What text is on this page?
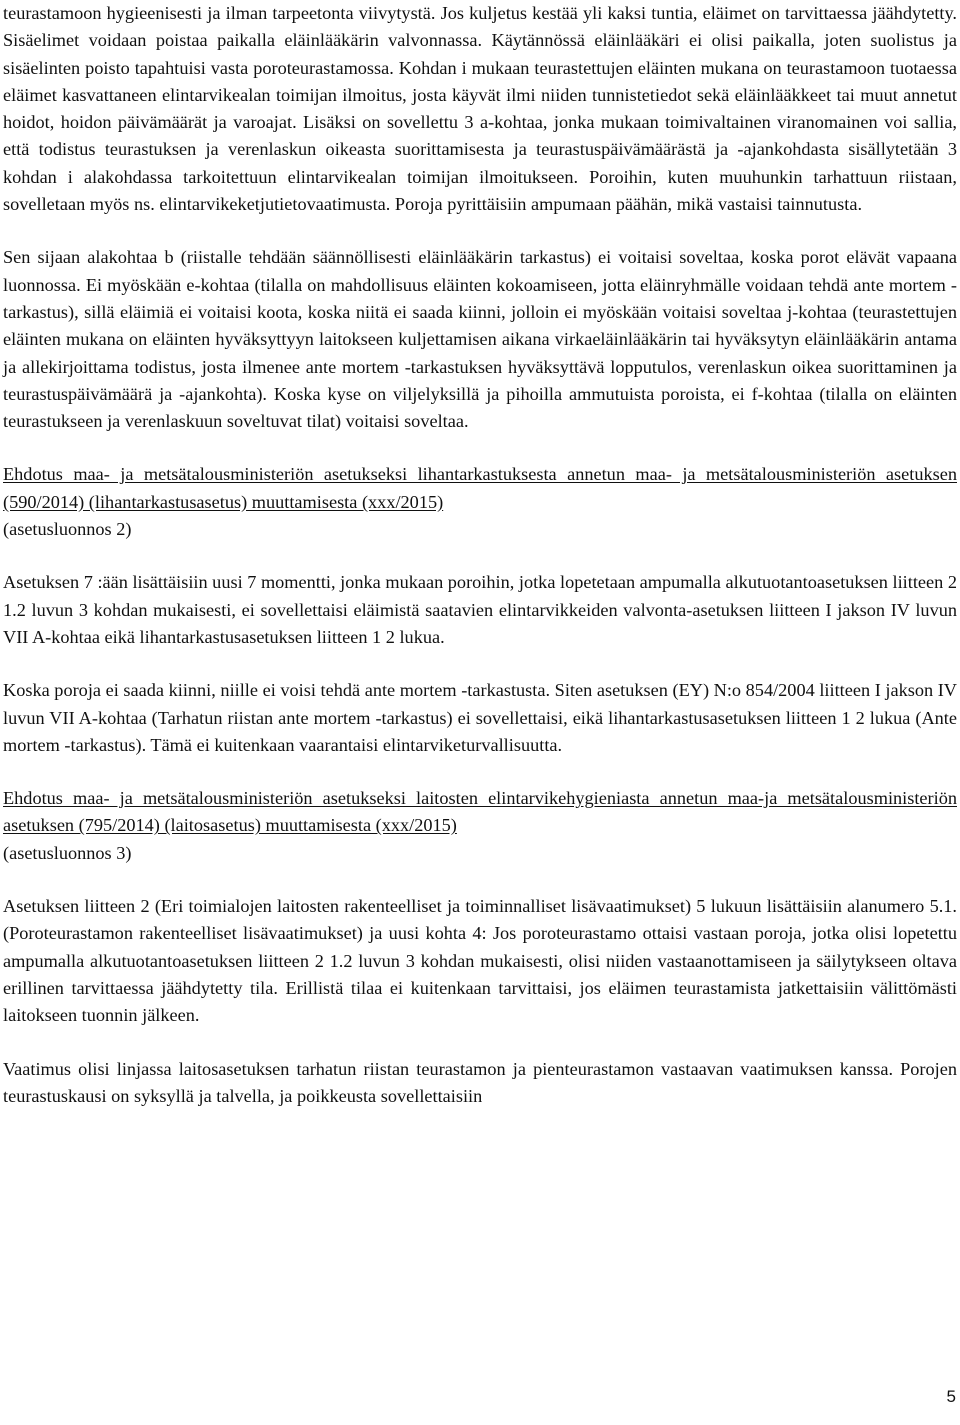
teurastamoon hygieenisesti ja ilman tarpeetonta viivytystä. Jos kuljetus kestää yli kaksi tuntia, eläimet on tarvittaessa jäähdytetty. Sisäelimet voidaan poistaa paikalla eläinlääkärin valvonnassa. Käytännössä eläinlääkäri ei olisi paikalla, joten suolistus ja sisäelinten poisto tapahtuisi vasta poroteurastamossa. Kohdan i mukaan teurastettujen eläinten mukana on teurastamoon tuotaessa eläimet kasvattaneen elintarvikealan toimijan ilmoitus, josta käyvät ilmi niiden tunnistetiedot sekä eläinlääkkeet tai muut annetut hoidot, hoidon päivämäärät ja varoajat. Lisäksi on sovellettu 3 a-kohtaa, jonka mukaan toimivaltainen viranomainen voi sallia, että todistus teurastuksen ja verenlaskun oikeasta suorittamisesta ja teurastuspäivämäärästä ja -ajankohdasta sisällytetään 3 kohdan i alakohdassa tarkoitettuun elintarvikealan toimijan ilmoitukseen. Poroihin, kuten muuhunkin tarhattuun riistaan, sovelletaan myös ns. elintarvikeketjutietovaatimusta. Poroja pyrittäisiin ampumaan päähän, mikä vastaisi tainnutusta.

Sen sijaan alakohtaa b (riistalle tehdään säännöllisesti eläinlääkärin tarkastus) ei voitaisi soveltaa, koska porot elävät vapaana luonnossa. Ei myöskään e-kohtaa (tilalla on mahdollisuus eläinten kokoamiseen, jotta eläinryhmälle voidaan tehdä ante mortem -tarkastus), sillä eläimiä ei voitaisi koota, koska niitä ei saada kiinni, jolloin ei myöskään voitaisi soveltaa j-kohtaa (teurastettujen eläinten mukana on eläinten hyväksyttyyn laitokseen kuljettamisen aikana virkaeläinlääkärin tai hyväksytyn eläinlääkärin antama ja allekirjoittama todistus, josta ilmenee ante mortem -tarkastuksen hyväksyttävä lopputulos, verenlaskun oikea suorittaminen ja teurastuspäivämäärä ja -ajankohta). Koska kyse on viljelyksillä ja pihoilla ammutuista poroista, ei f-kohtaa (tilalla on eläinten teurastukseen ja verenlaskuun soveltuvat tilat) voitaisi soveltaa.

Ehdotus maa- ja metsätalousministeriön asetukseksi lihantarkastuksesta annetun maa- ja metsätalousministeriön asetuksen (590/2014) (lihantarkastusasetus) muuttamisesta (xxx/2015)

(asetusluonnos 2)

Asetuksen 7 :ään lisättäisiin uusi 7 momentti, jonka mukaan poroihin, jotka lopetetaan ampumalla alkutuotantoasetuksen liitteen 2 1.2 luvun 3 kohdan mukaisesti, ei sovellettaisi eläimistä saatavien elintarvikkeiden valvonta-asetuksen liitteen I jakson IV luvun VII A-kohtaa eikä lihantarkastusasetuksen liitteen 1 2 lukua.

Koska poroja ei saada kiinni, niille ei voisi tehdä ante mortem -tarkastusta. Siten asetuksen (EY) N:o 854/2004 liitteen I jakson IV luvun VII A-kohtaa (Tarhatun riistan ante mortem -tarkastus) ei sovellettaisi, eikä lihantarkastusasetuksen liitteen 1 2 lukua (Ante mortem -tarkastus). Tämä ei kuitenkaan vaarantaisi elintarviketurvallisuutta.

Ehdotus maa- ja metsätalousministeriön asetukseksi laitosten elintarvikehygieniasta annetun maa-ja metsätalousministeriön asetuksen (795/2014) (laitosasetus) muuttamisesta (xxx/2015)

(asetusluonnos 3)

Asetuksen liitteen 2 (Eri toimialojen laitosten rakenteelliset ja toiminnalliset lisävaatimukset) 5 lukuun lisättäisiin alanumero 5.1. (Poroteurastamon rakenteelliset lisävaatimukset) ja uusi kohta 4: Jos poroteurastamo ottaisi vastaan poroja, jotka olisi lopetettu ampumalla alkutuotantoasetuksen liitteen 2 1.2 luvun 3 kohdan mukaisesti, olisi niiden vastaanottamiseen ja säilytykseen oltava erillinen tarvittaessa jäähdytetty tila. Erillistä tilaa ei kuitenkaan tarvittaisi, jos eläimen teurastamista jatkettaisiin välittömästi laitokseen tuonnin jälkeen.

Vaatimus olisi linjassa laitosasetuksen tarhatun riistan teurastamon ja pienteurastamon vastaavan vaatimuksen kanssa. Porojen teurastuskausi on syksyllä ja talvella, ja poikkeusta sovellettaisiin

5
